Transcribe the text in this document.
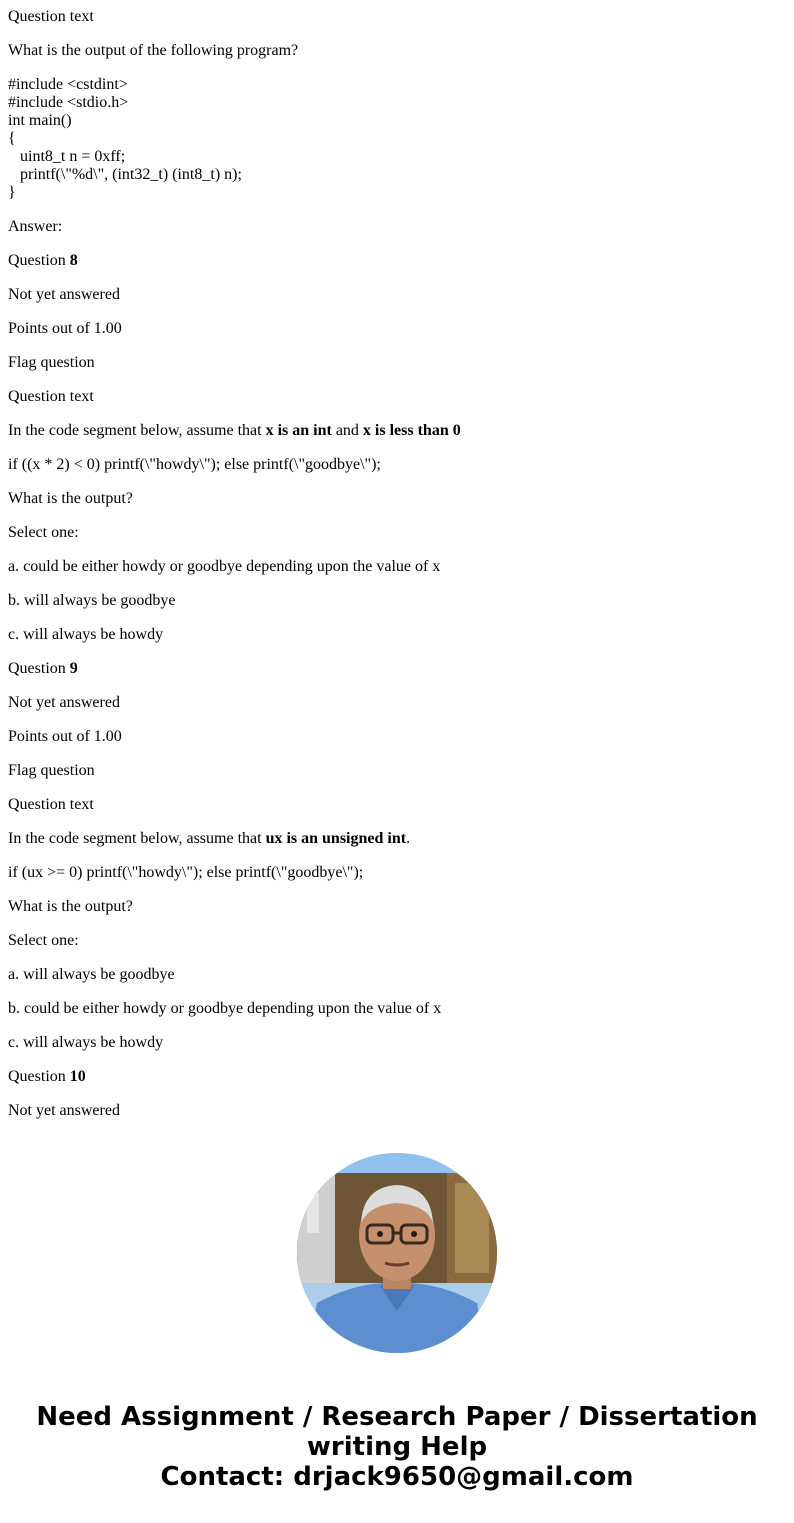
Question text

What is the output of the following program?

#include <cstdint>

#include <stdio.h>

int main()

{

uint8_t n = 0xff;

printf(\"%d\", (int32_t) (int8_t) n);

}

Answer:

Question 8

Not yet answered

Points out of 1.00

Flag question

Question text

In the code segment below, assume that x is an int and x is less than 0

if ((x * 2) < 0) printf(\"howdy\"); else printf(\"goodbye\");

What is the output?

Select one:

a. could be either howdy or goodbye depending upon the value of x

b. will always be goodbye

c. will always be howdy

Question 9

Not yet answered

Points out of 1.00

Flag question

Question text

In the code segment below, assume that ux is an unsigned int.

if (ux >= 0) printf(\"howdy\"); else printf(\"goodbye\");

What is the output?

Select one:

a. will always be goodbye

b. could be either howdy or goodbye depending upon the value of x

c. will always be howdy

Question 10

Not yet answered

Need Assignment / Research Paper / Dissertation
writing Help
Contact: drjack9650@gmail.com
